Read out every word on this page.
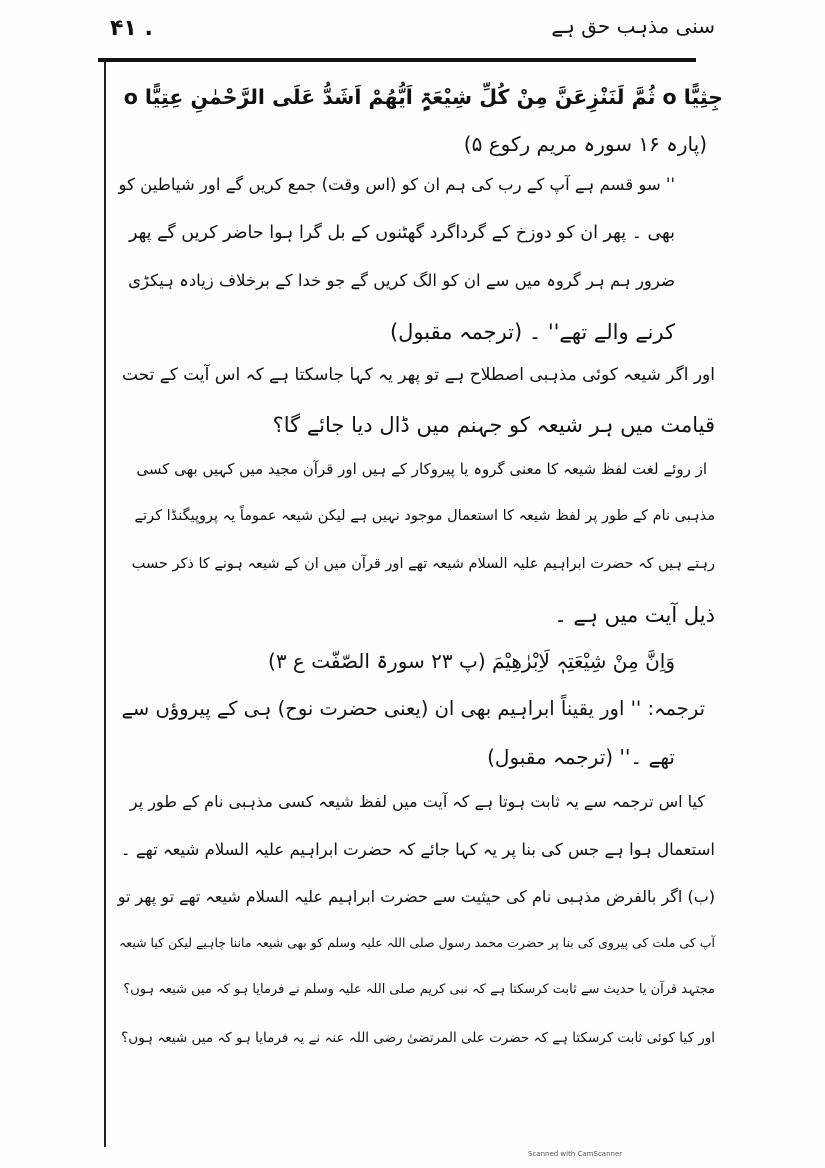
۴۱ .	سنی مذہب حق ہے
جِثِیًّا o ثُمَّ لَنَنْزِعَنَّ مِنْ کُلِّ شِیْعَۃٍ اَیُّھُمْ اَشَدُّ عَلَی الرَّحْمٰنِ عِتِیًّا o
(پارہ ۱۶ سورہ مریم رکوع ۵)
'' سو قسم ہے آپ کے رب کی ہم ان کو (اس وقت) جمع کریں گے اور شیاطین کو
بھی ۔ پھر ان کو دوزخ کے گرداگرد گھٹنوں کے بل گرا ہوا حاضر کریں گے پھر
ضرور ہم ہر گروہ میں سے ان کو الگ کریں گے جو خدا کے برخلاف زیادہ ہیکڑی
کرنے والے تھے'' ۔ (ترجمہ مقبول)
اور اگر شیعہ کوئی مذہبی اصطلاح ہے تو پھر یہ کہا جاسکتا ہے کہ اس آیت کے تحت
قیامت میں ہر شیعہ کو جہنم میں ڈال دیا جائے گا؟
از روئے لغت لفظ شیعہ کا معنی گروہ یا پیروکار کے ہیں اور قرآن مجید میں کہیں بھی کسی
مذہبی نام کے طور پر لفظ شیعہ کا استعمال موجود نہیں ہے لیکن شیعہ عموماً یہ پروپیگنڈا کرتے
رہتے ہیں کہ حضرت ابراہیم علیہ السلام شیعہ تھے اور قرآن میں ان کے شیعہ ہونے کا ذکر حسب
ذیل آیت میں ہے ۔
وَاِنَّ مِنْ شِیْعَتِہٖ لَاِبْرٰھِیْمَ (پ ۲۳ سورۃ الصّفّت ع ۳)
ترجمہ: '' اور یقیناً ابراہیم بھی ان (یعنی حضرت نوح) ہی کے پیروؤں سے
تھے ۔'' (ترجمہ مقبول)
کیا اس ترجمہ سے یہ ثابت ہوتا ہے کہ آیت میں لفظ شیعہ کسی مذہبی نام کے طور پر
استعمال ہوا ہے جس کی بنا پر یہ کہا جائے کہ حضرت ابراہیم علیہ السلام شیعہ تھے ۔
(ب) اگر بالفرض مذہبی نام کی حیثیت سے حضرت ابراہیم علیہ السلام شیعہ تھے تو پھر تو
آپ کی ملت کی پیروی کی بنا پر حضرت محمد رسول صلی اللہ علیہ وسلم کو بھی شیعہ ماننا چاہیے لیکن کیا شیعہ
مجتہد قرآن یا حدیث سے ثابت کرسکتا ہے کہ نبی کریم صلی اللہ علیہ وسلم نے فرمایا ہو کہ میں شیعہ ہوں؟
اور کیا کوئی ثابت کرسکتا ہے کہ حضرت علی المرتضیٰ رضی اللہ عنہ نے یہ فرمایا ہو کہ میں شیعہ ہوں؟
Scanned with CamScanner
